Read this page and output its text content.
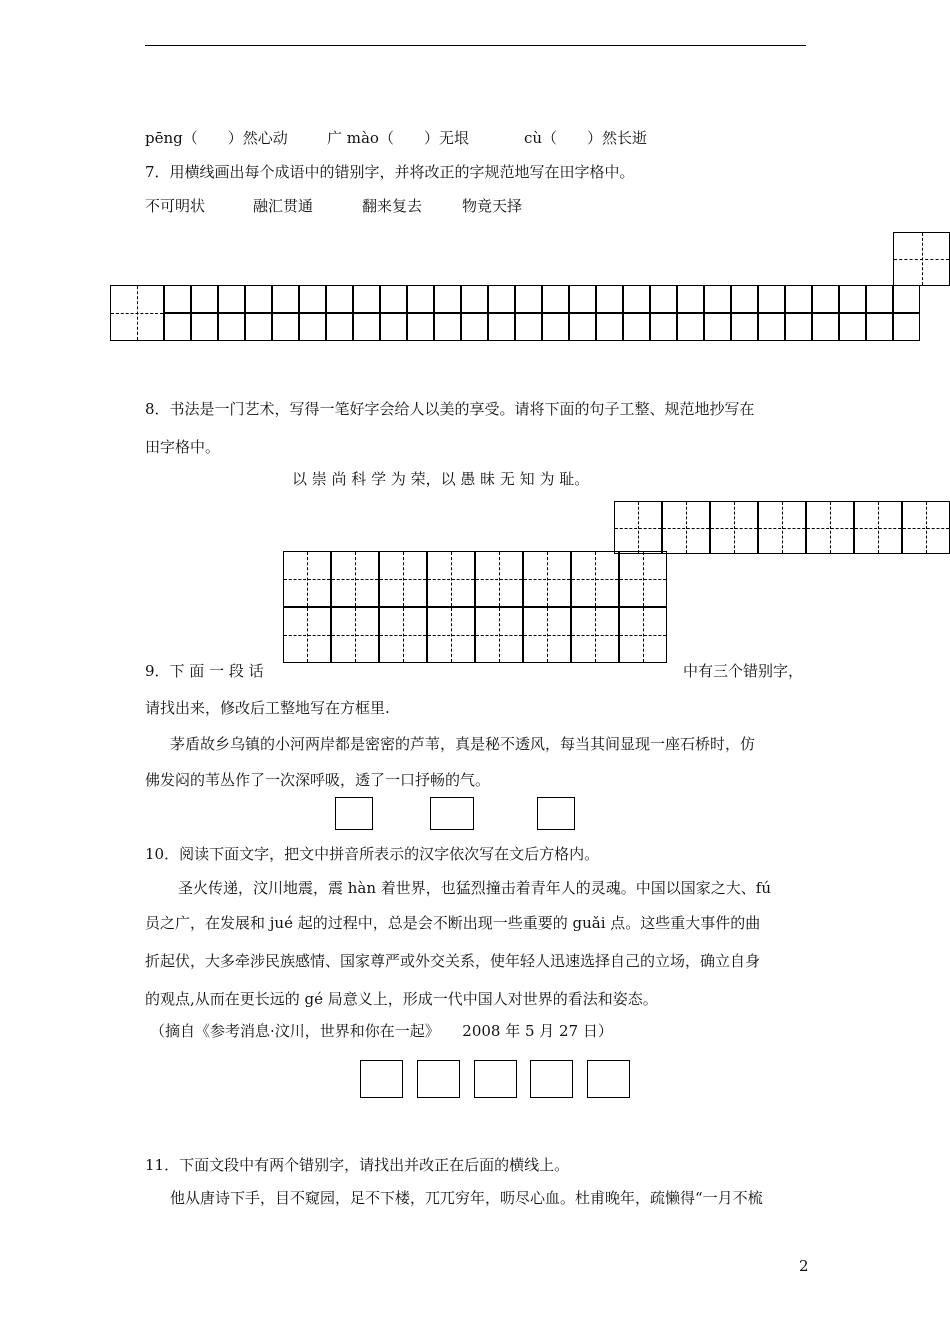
pēng（　　）然心动	广 mào（　　）无垠	cù（　　）然长逝
7．用横线画出每个成语中的错别字，并将改正的字规范地写在田字格中。
不可明状	融汇贯通	翻来复去	物竟天择
8．书法是一门艺术，写得一笔好字会给人以美的享受。请将下面的句子工整、规范地抄写在
田字格中。
以 崇 尚 科 学 为 荣，以 愚 昧 无 知 为 耻。
9．下 面 一 段 话	中有三个错别字，
请找出来，修改后工整地写在方框里.
茅盾故乡乌镇的小河两岸都是密密的芦苇，真是秘不透风，每当其间显现一座石桥时，仿
佛发闷的苇丛作了一次深呼吸，透了一口抒畅的气。
10．阅读下面文字，把文中拼音所表示的汉字依次写在文后方格内。
圣火传递，汶川地震，震 hàn 着世界，也猛烈撞击着青年人的灵魂。中国以国家之大、fú
员之广，在发展和 jué 起的过程中，总是会不断出现一些重要的 guǎi 点。这些重大事件的曲
折起伏，大多牵涉民族感情、国家尊严或外交关系，使年轻人迅速选择自己的立场，确立自身
的观点,从而在更长远的 gé 局意义上，形成一代中国人对世界的看法和姿态。
（摘自《参考消息·汶川，世界和你在一起》　　2008 年 5 月 27 日）
11．下面文段中有两个错别字，请找出并改正在后面的横线上。
他从唐诗下手，目不窥园，足不下楼，兀兀穷年，呖尽心血。杜甫晚年，疏懒得“一月不梳
2
